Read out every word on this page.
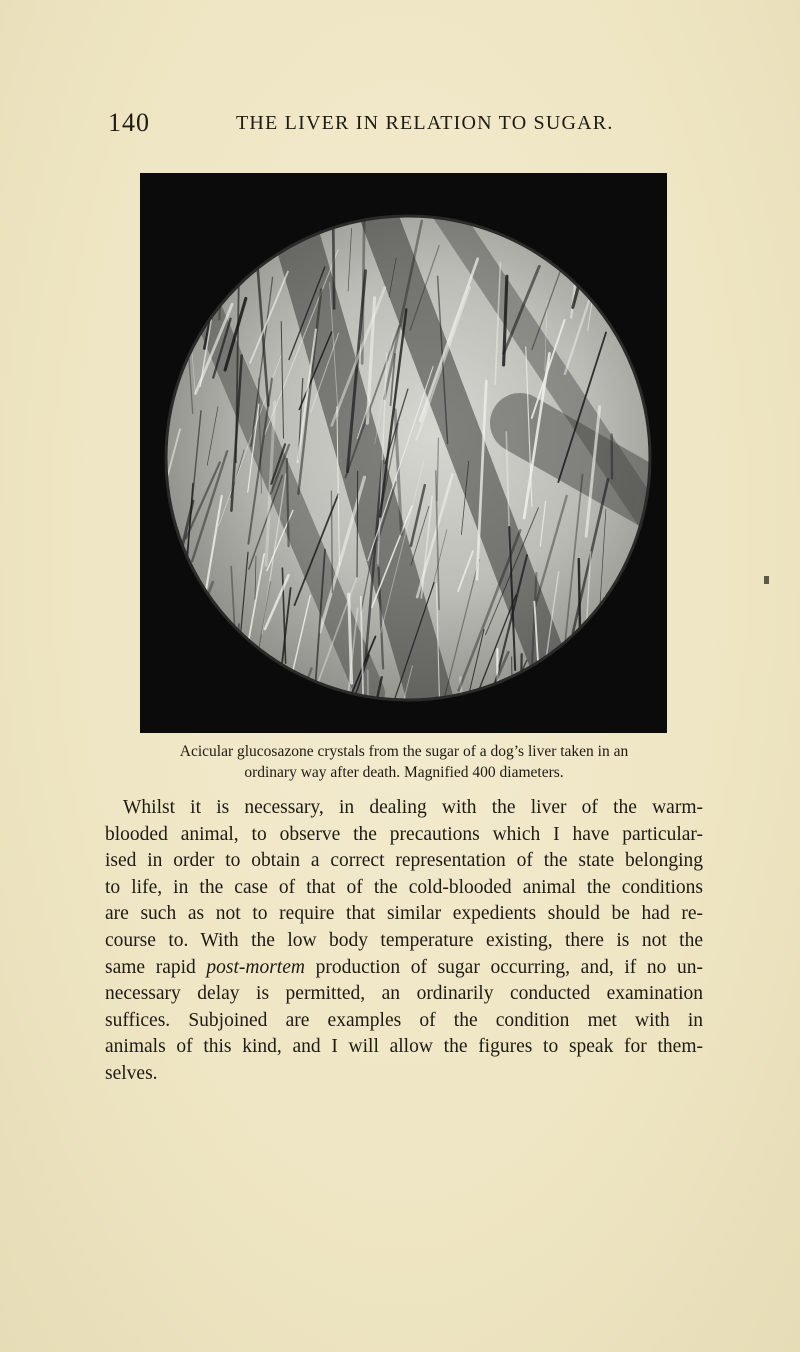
140	THE LIVER IN RELATION TO SUGAR.
Acicular glucosazone crystals from the sugar of a dog’s liver taken in an
ordinary way after death. Magnified 400 diameters.
Whilst it is necessary, in dealing with the liver of the warm-
blooded animal, to observe the precautions which I have particular-
ised in order to obtain a correct representation of the state belonging
to life, in the case of that of the cold-blooded animal the conditions
are such as not to require that similar expedients should be had re-
course to. With the low body temperature existing, there is not the
same rapid post-mortem production of sugar occurring, and, if no un-
necessary delay is permitted, an ordinarily conducted examination
suffices. Subjoined are examples of the condition met with in
animals of this kind, and I will allow the figures to speak for them-
selves.
